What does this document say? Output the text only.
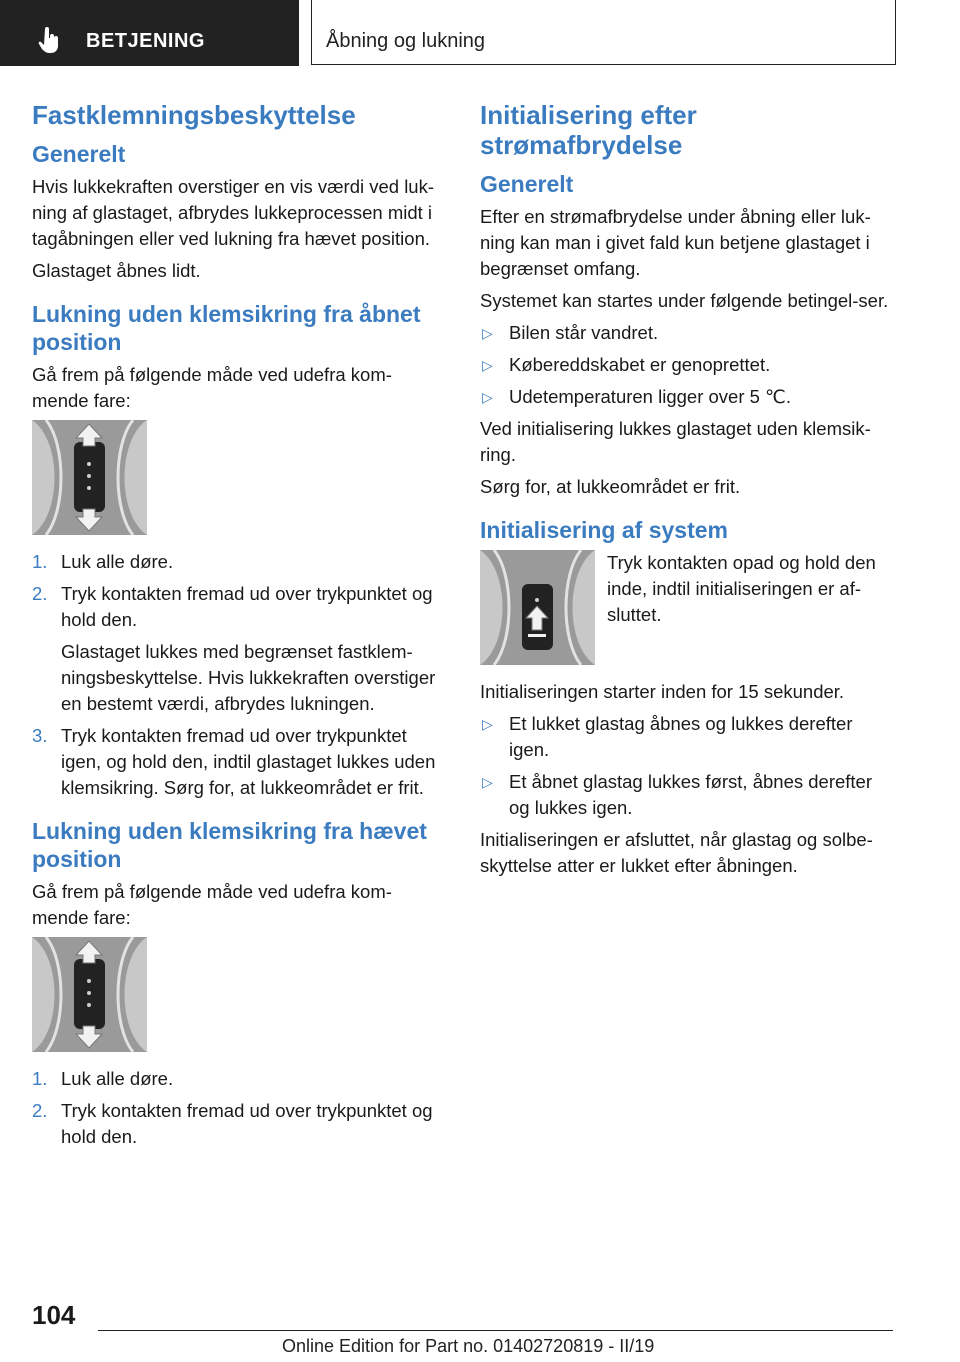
BETJENING	Åbning og lukning
Fastklemningsbeskyttelse
Generelt

Hvis lukkekraften overstiger en vis værdi ved luk-ning af glastaget, afbrydes lukkeprocessen midt i tagåbningen eller ved lukning fra hævet position.

Glastaget åbnes lidt.

Lukning uden klemsikring fra åbnet position

Gå frem på følgende måde ved udefra kom-mende fare:

1. Luk alle døre.
2. Tryk kontakten fremad ud over trykpunktet og hold den.
Glastaget lukkes med begrænset fastklem-ningsbeskyttelse. Hvis lukkekraften overstiger en bestemt værdi, afbrydes lukningen.
3. Tryk kontakten fremad ud over trykpunktet igen, og hold den, indtil glastaget lukkes uden klemsikring. Sørg for, at lukkeområdet er frit.
Lukning uden klemsikring fra hævet position

Gå frem på følgende måde ved udefra kom-mende fare:

1. Luk alle døre.
2. Tryk kontakten fremad ud over trykpunktet og hold den.
Initialisering efter strømafbrydelse
Generelt

Efter en strømafbrydelse under åbning eller luk-ning kan man i givet fald kun betjene glastaget i begrænset omfang.

Systemet kan startes under følgende betingel-ser.

▷ Bilen står vandret.
▷ Købereddskabet er genoprettet.
▷ Udetemperaturen ligger over 5 ℃.

Ved initialisering lukkes glastaget uden klemsik-ring.

Sørg for, at lukkeområdet er frit.

Initialisering af system

Tryk kontakten opad og hold den inde, indtil initialiseringen er af-sluttet.

Initialiseringen starter inden for 15 sekunder.

▷ Et lukket glastag åbnes og lukkes derefter igen.
▷ Et åbnet glastag lukkes først, åbnes derefter og lukkes igen.

Initialiseringen er afsluttet, når glastag og solbe-skyttelse atter er lukket efter åbningen.

104
Online Edition for Part no. 01402720819 - II/19
